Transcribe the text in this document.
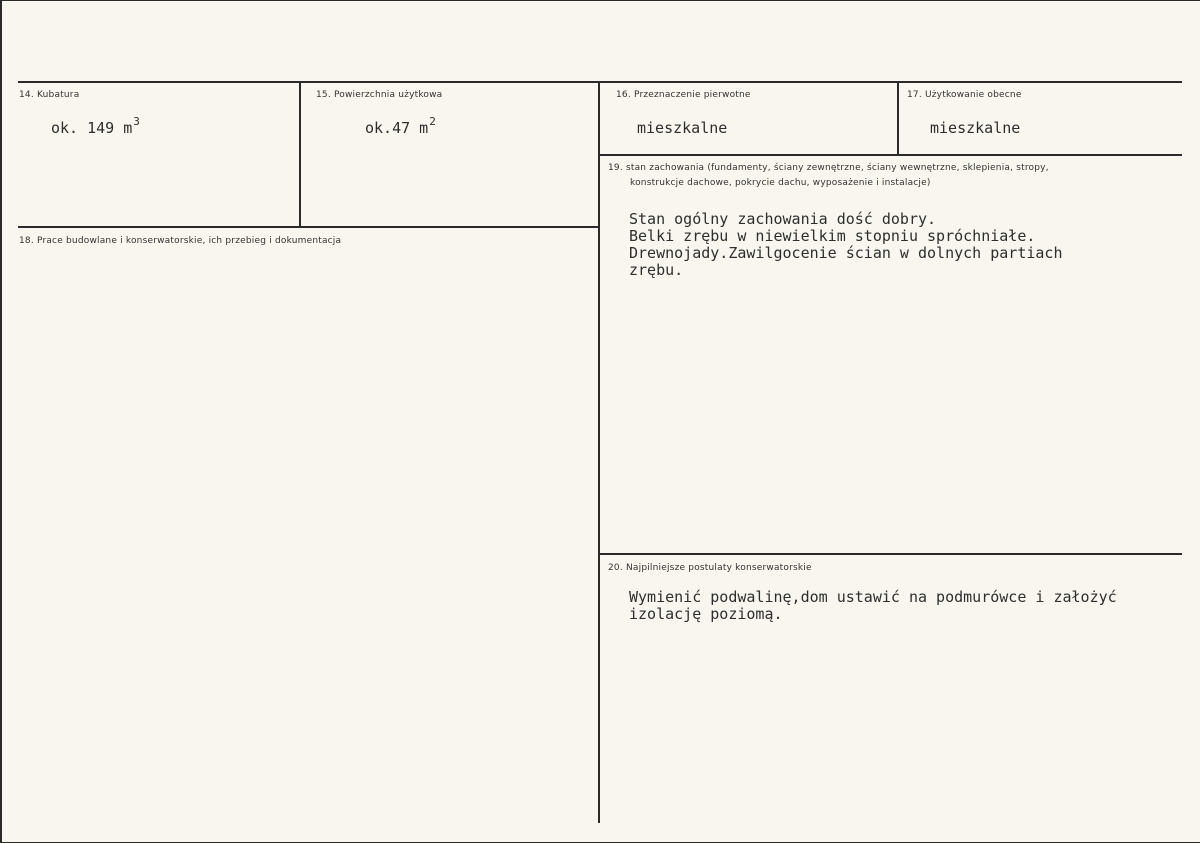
14. Kubatura
ok. 149 $m^3$
15. Powierzchnia użytkowa
ok.47 $m^2$
16. Przeznaczenie pierwotne
mieszkalne
17. Użytkowanie obecne
mieszkalne
18. Prace budowlane i konserwatorskie, ich przebieg i dokumentacja
19. stan zachowania (fundamenty, ściany zewnętrzne, ściany wewnętrzne, sklepienia, stropy,
konstrukcje dachowe, pokrycie dachu, wyposażenie i instalacje)
Stan ogólny zachowania dość dobry.
Belki zrębu w niewielkim stopniu spróchniałe.
Drewnojady.Zawilgocenie ścian w dolnych partiach
zrębu.
20. Najpilniejsze postulaty konserwatorskie
Wymienić podwalinę,dom ustawić na podmurówce i założyć
izolację poziomą.
